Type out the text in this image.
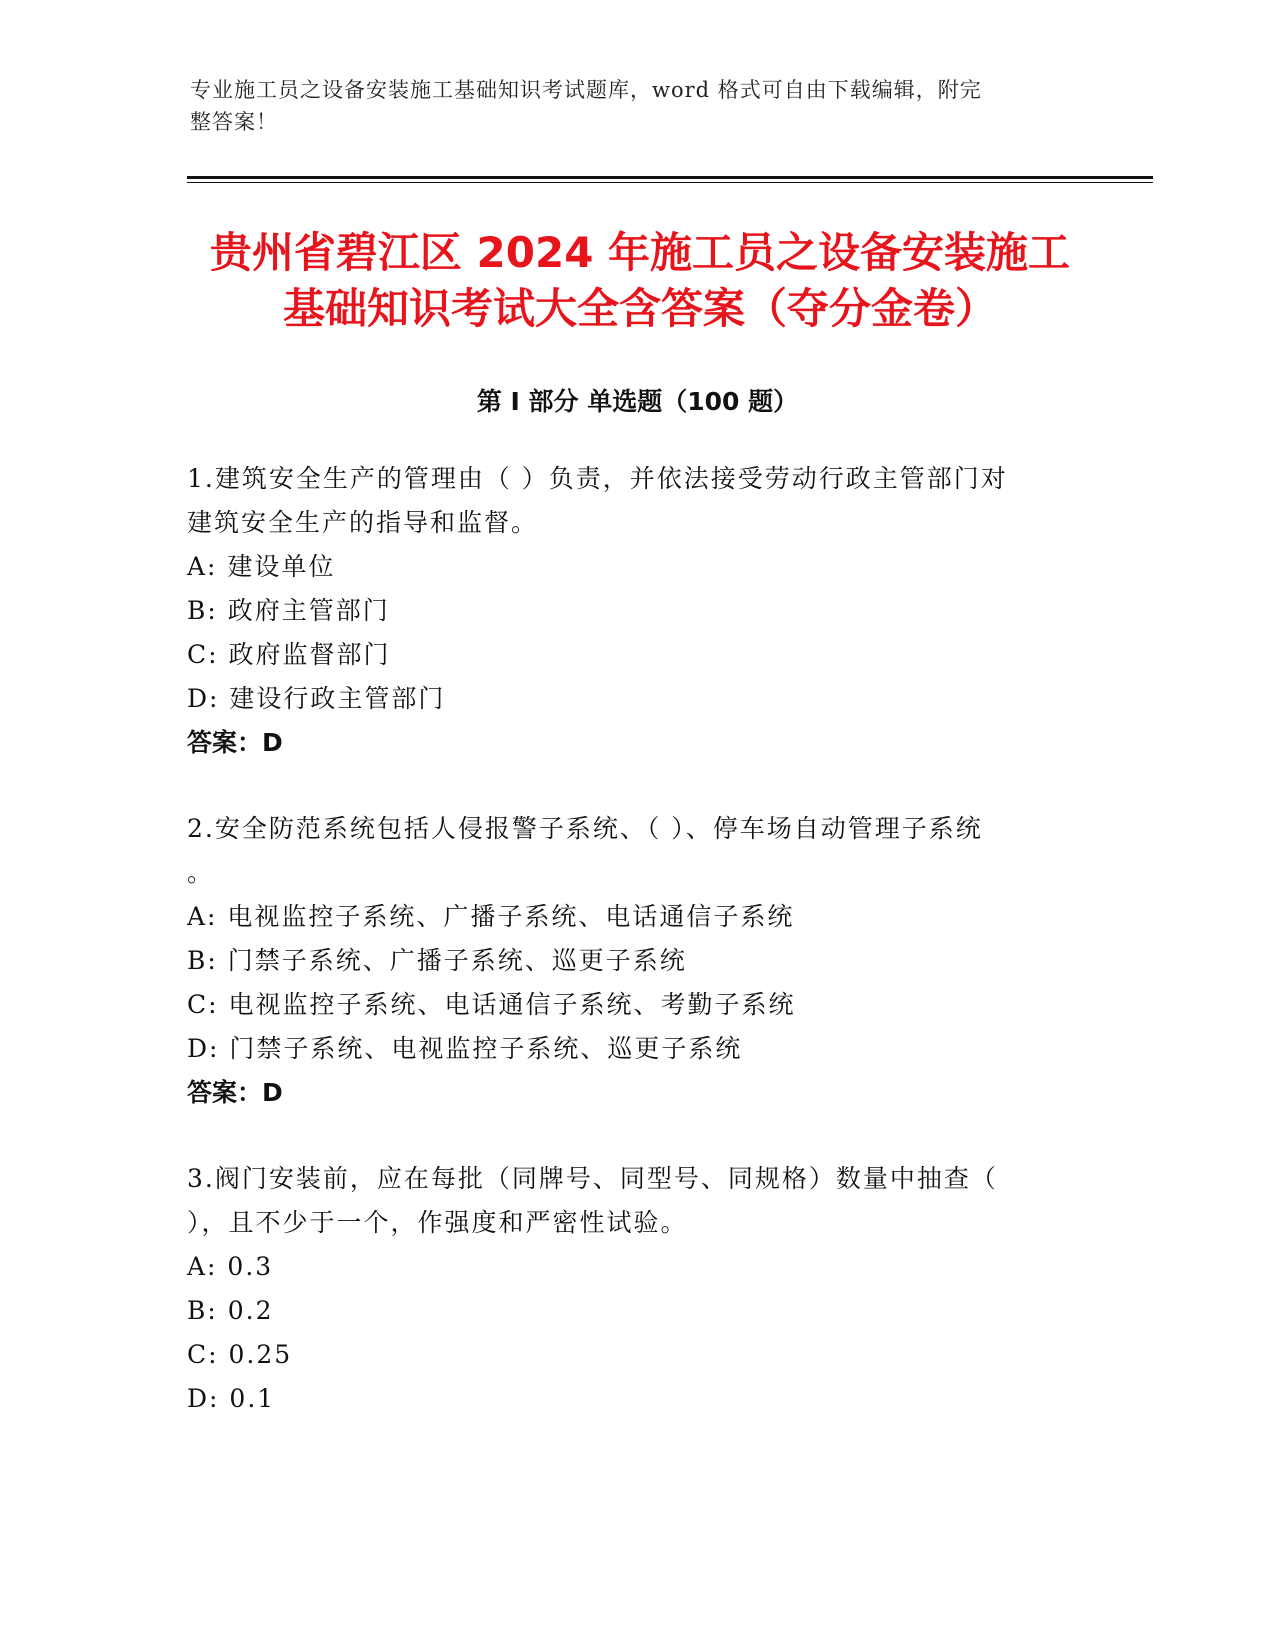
专业施工员之设备安装施工基础知识考试题库，word 格式可自由下载编辑，附完
整答案！
贵州省碧江区 2024 年施工员之设备安装施工
基础知识考试大全含答案（夺分金卷）
第 I 部分 单选题（100 题）
1.建筑安全生产的管理由（ ）负责，并依法接受劳动行政主管部门对
建筑安全生产的指导和监督。
A: 建设单位
B: 政府主管部门
C: 政府监督部门
D: 建设行政主管部门
答案：D
2.安全防范系统包括人侵报警子系统、（ ）、停车场自动管理子系统
。
A: 电视监控子系统、广播子系统、电话通信子系统
B: 门禁子系统、广播子系统、巡更子系统
C: 电视监控子系统、电话通信子系统、考勤子系统
D: 门禁子系统、电视监控子系统、巡更子系统
答案：D
3.阀门安装前，应在每批（同牌号、同型号、同规格）数量中抽查（
），且不少于一个，作强度和严密性试验。
A: 0.3
B: 0.2
C: 0.25
D: 0.1
